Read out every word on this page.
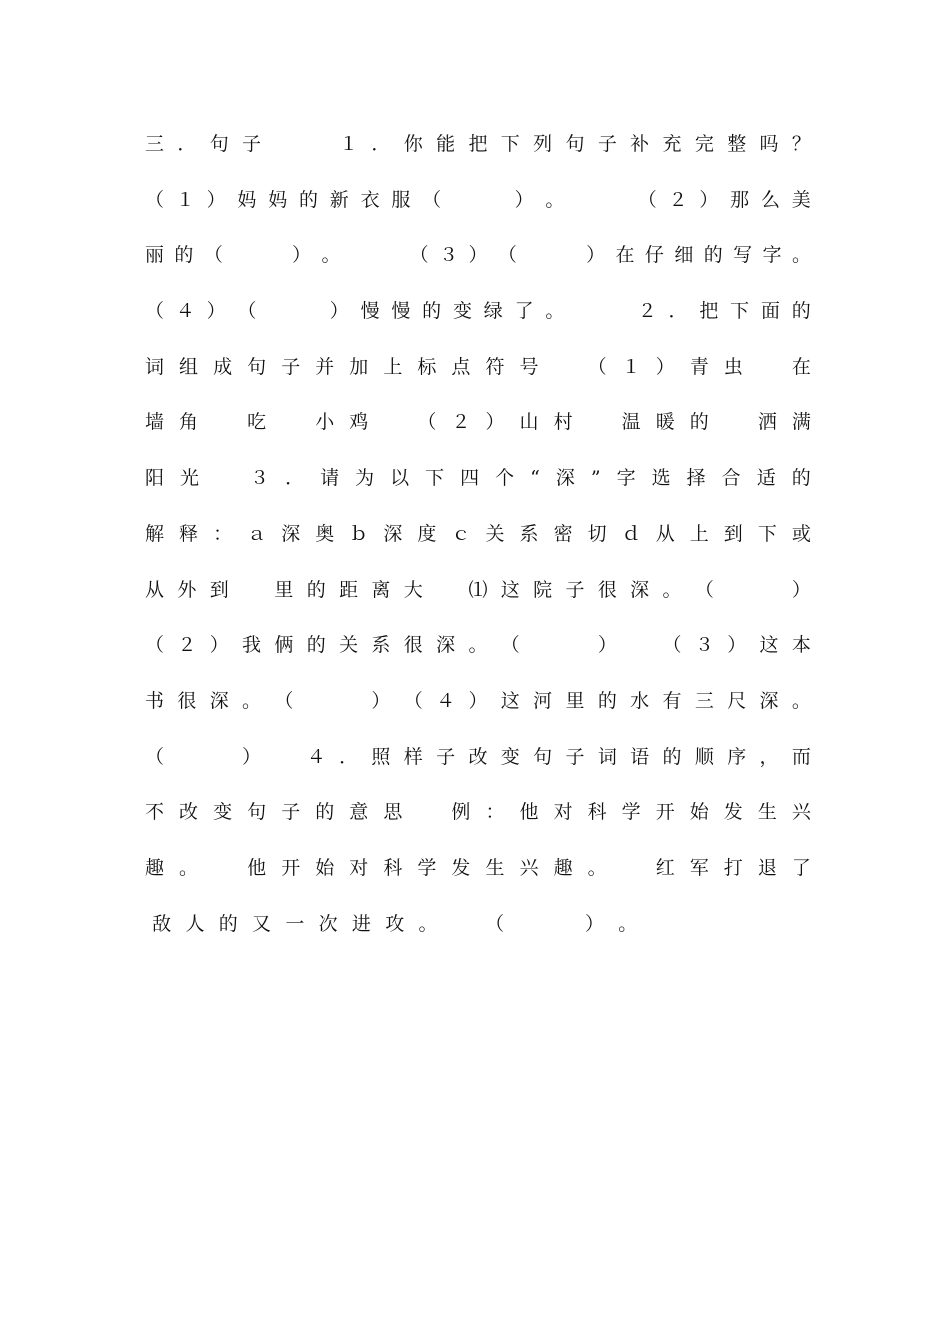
三 ． 句 子

　	１ ． 你 能 把 下 列 句 子 补 充 完 整 吗 ？
（ １ ） 妈 妈 的 新 衣 服 （

　	） 。

　	（ ２ ） 那 么 美
丽 的 （

　	） 。

　	（ ３ ） （

　	） 在 仔 细 的 写 字 。
（ ４ ） （

　	） 慢 慢 的 变 绿 了 。

　	２ ． 把 下 面 的
词 组 成 句 子 并 加 上 标 点 符 号
　	（ １ ） 青 虫
　	在
墙 角
　	吃
　	小 鸡
　	（ ２ ） 山 村
　	温 暖 的
　	洒 满
阳 光
　	３ ． 请 为 以 下 四 个 “ 深 ” 字 选 择 合 适 的
解 释 ： ａ 深 奥 ｂ 深 度 ｃ 关 系 密 切 ｄ 从 上 到 下 或
从 外 到
　 里 的 距 离 大
　 ⑴ 这 院 子 很 深 。 （

　	）
（ ２ ） 我 俩 的 关 系 很 深 。 （

　	）
　 （ ３ ） 这 本
书 很 深 。 （

　	） （ ４ ） 这 河 里 的 水 有 三 尺 深 。
（

　	）
　 ４ ． 照 样 子 改 变 句 子 词 语 的 顺 序 ， 而
不 改 变 句 子 的 意 思
　	例 ： 他 对 科 学 开 始 发 生 兴
趣 。
　	他 开 始 对 科 学 发 生 兴 趣 。
　	红 军 打 退 了
敌 人 的 又 一 次 进 攻 。
　	（

　	） 。
